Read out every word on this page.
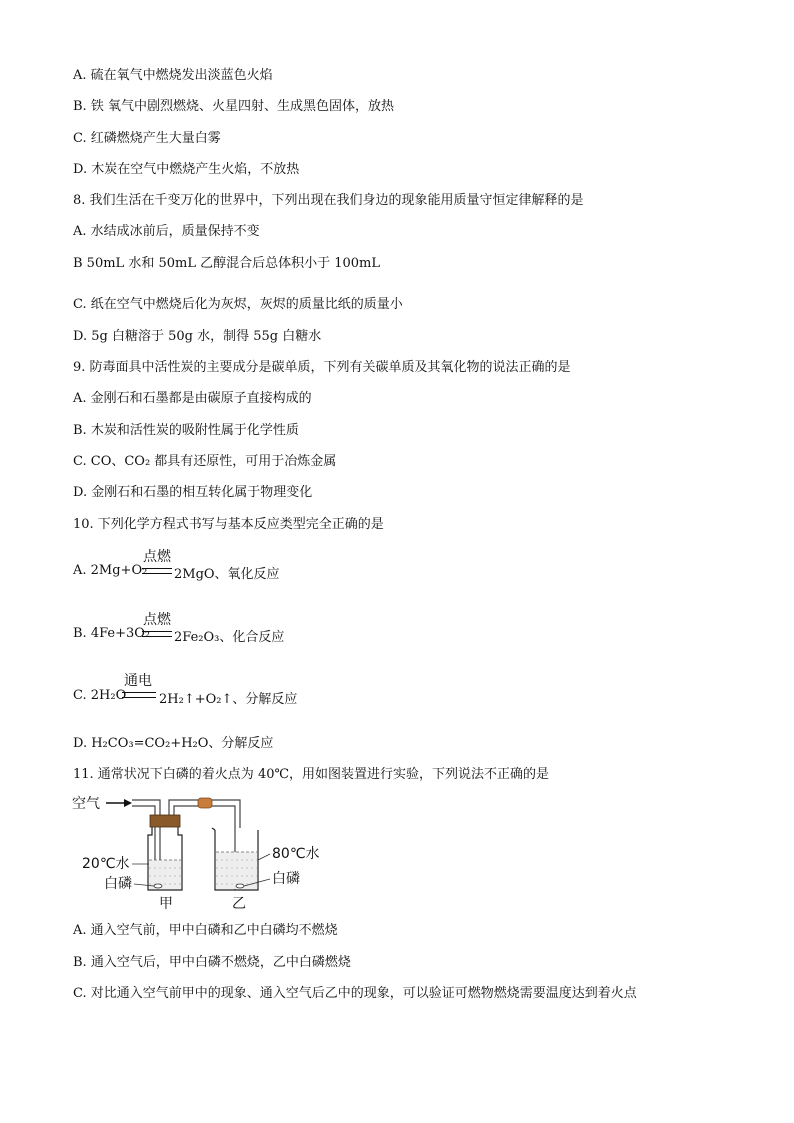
A. 硫在氧气中燃烧发出淡蓝色火焰
B. 铁 氧气中剧烈燃烧、火星四射、生成黑色固体，放热
C. 红磷燃烧产生大量白雾
D. 木炭在空气中燃烧产生火焰，不放热
8. 我们生活在千变万化的世界中，下列出现在我们身边的现象能用质量守恒定律解释的是
A. 水结成冰前后，质量保持不变
B 50mL 水和 50mL 乙醇混合后总体积小于 100mL
C. 纸在空气中燃烧后化为灰烬，灰烬的质量比纸的质量小
D. 5g 白糖溶于 50g 水，制得 55g 白糖水
9. 防毒面具中活性炭的主要成分是碳单质，下列有关碳单质及其氧化物的说法正确的是
A. 金刚石和石墨都是由碳原子直接构成的
B. 木炭和活性炭的吸附性属于化学性质
C. CO、CO₂ 都具有还原性，可用于冶炼金属
D. 金刚石和石墨的相互转化属于物理变化
10. 下列化学方程式书写与基本反应类型完全正确的是
A. 2Mg+O₂
点燃
2MgO、氧化反应
B. 4Fe+3O₂
点燃
2Fe₂O₃、化合反应
C. 2H₂O
通电
2H₂↑+O₂↑、分解反应
D. H₂CO₃=CO₂+H₂O、分解反应
11. 通常状况下白磷的着火点为 40℃，用如图装置进行实验，下列说法不正确的是
空气
20℃水
白磷
甲
80℃水
白磷
乙
A. 通入空气前，甲中白磷和乙中白磷均不燃烧
B. 通入空气后，甲中白磷不燃烧，乙中白磷燃烧
C. 对比通入空气前甲中的现象、通入空气后乙中的现象，可以验证可燃物燃烧需要温度达到着火点
